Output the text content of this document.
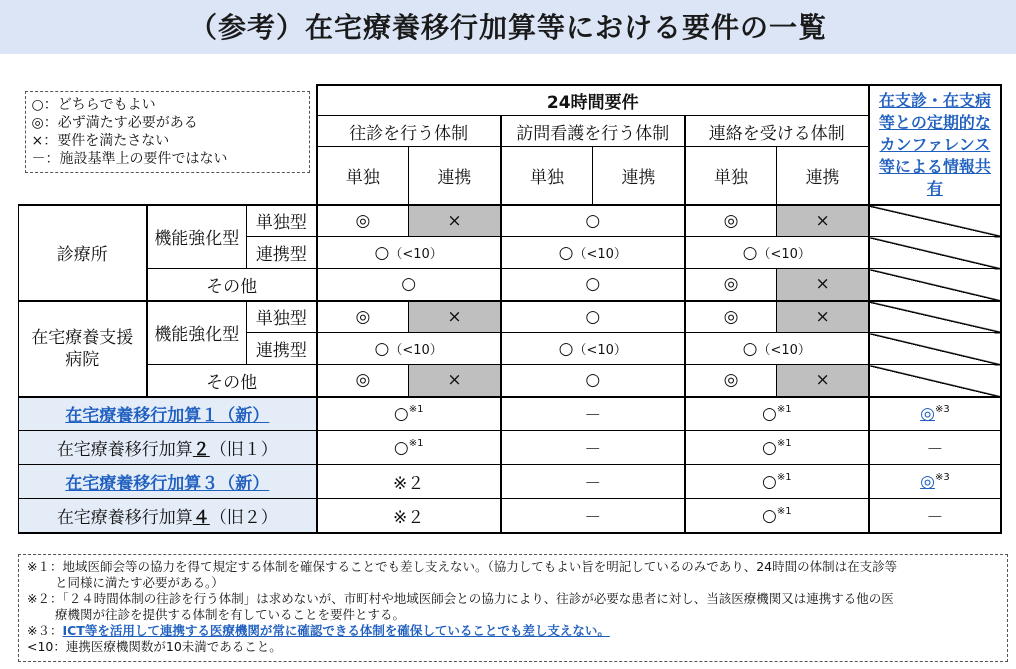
（参考）在宅療養移行加算等における要件の一覧
○：どちらでもよい
◎：必ず満たす必要がある
×：要件を満たさない
－：施設基準上の要件ではない			24時間要件						在支診・在支病等との定期的なカンファレンス等による情報共有

			往診を行う体制		訪問看護を行う体制		連絡を受ける体制		
			単独	連携	単独	連携	単独	連携	
診療所	機能強化型	単独型	◎	×	○		◎	×	
		連携型	○（<10）		○（<10）		○（<10）		
	その他		○		○		◎	×	
在宅療養支援
病院	機能強化型	単独型	◎	×	○		◎	×	
		連携型	○（<10）		○（<10）		○（<10）		
	その他		◎	×	○		◎	×	
在宅療養移行加算１（新）			○$^{※1}$		－		○$^{※1}$		◎$^{※3}$
在宅療養移行加算２（旧１）			○$^{※1}$		－		○$^{※1}$		－
在宅療養移行加算３（新）			※２		－		○$^{※1}$		◎$^{※3}$
在宅療養移行加算４（旧２）			※２		－		○$^{※1}$		－
※１：地域医師会等の協力を得て規定する体制を確保することでも差し支えない。（協力してもよい旨を明記しているのみであり、24時間の体制は在支診等
と同様に満たす必要がある。）
※２：「２４時間体制の往診を行う体制」は求めないが、市町村や地域医師会との協力により、往診が必要な患者に対し、当該医療機関又は連携する他の医
療機関が往診を提供する体制を有していることを要件とする。
※３：ICT等を活用して連携する医療機関が常に確認できる体制を確保していることでも差し支えない。
<10：連携医療機関数が10未満であること。
